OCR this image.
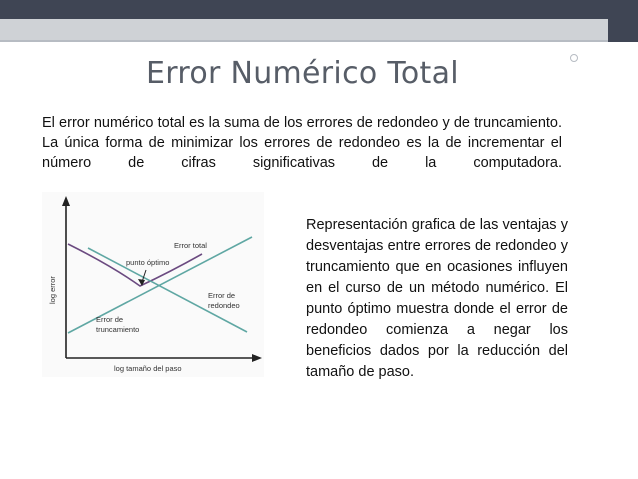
Error Numérico Total

El error numérico total es la suma de los errores de redondeo y de truncamiento. La única forma de minimizar los errores de redondeo es la de incrementar el número de cifras significativas de la computadora.

Error total
punto óptimo
Error de
redondeo
Error de
truncamiento
log tamaño del paso
log error

Representación grafica de las ventajas y desventajas entre errores de redondeo y truncamiento que en ocasiones influyen en el curso de un método numérico. El punto óptimo muestra donde el error de redondeo comienza a negar los beneficios dados por la reducción del tamaño de paso.
